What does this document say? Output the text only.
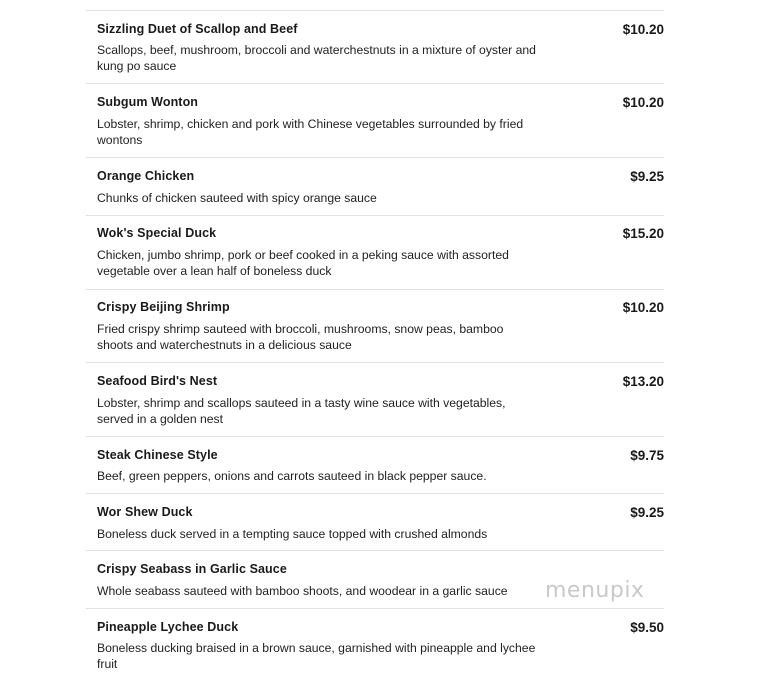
Sizzling Duet of Scallop and Beef	$10.20
Scallops, beef, mushroom, broccoli and waterchestnuts in a mixture of oyster and kung po sauce
Subgum Wonton	$10.20
Lobster, shrimp, chicken and pork with Chinese vegetables surrounded by fried wontons
Orange Chicken	$9.25
Chunks of chicken sauteed with spicy orange sauce
Wok's Special Duck	$15.20
Chicken, jumbo shrimp, pork or beef cooked in a peking sauce with assorted vegetable over a lean half of boneless duck
Crispy Beijing Shrimp	$10.20
Fried crispy shrimp sauteed with broccoli, mushrooms, snow peas, bamboo shoots and waterchestnuts in a delicious sauce
Seafood Bird's Nest	$13.20
Lobster, shrimp and scallops sauteed in a tasty wine sauce with vegetables, served in a golden nest
Steak Chinese Style	$9.75
Beef, green peppers, onions and carrots sauteed in black pepper sauce.
Wor Shew Duck	$9.25
Boneless duck served in a tempting sauce topped with crushed almonds
Crispy Seabass in Garlic Sauce
Whole seabass sauteed with bamboo shoots, and woodear in a garlic sauce
Pineapple Lychee Duck	$9.50
Boneless ducking braised in a brown sauce, garnished with pineapple and lychee fruit
menupix
